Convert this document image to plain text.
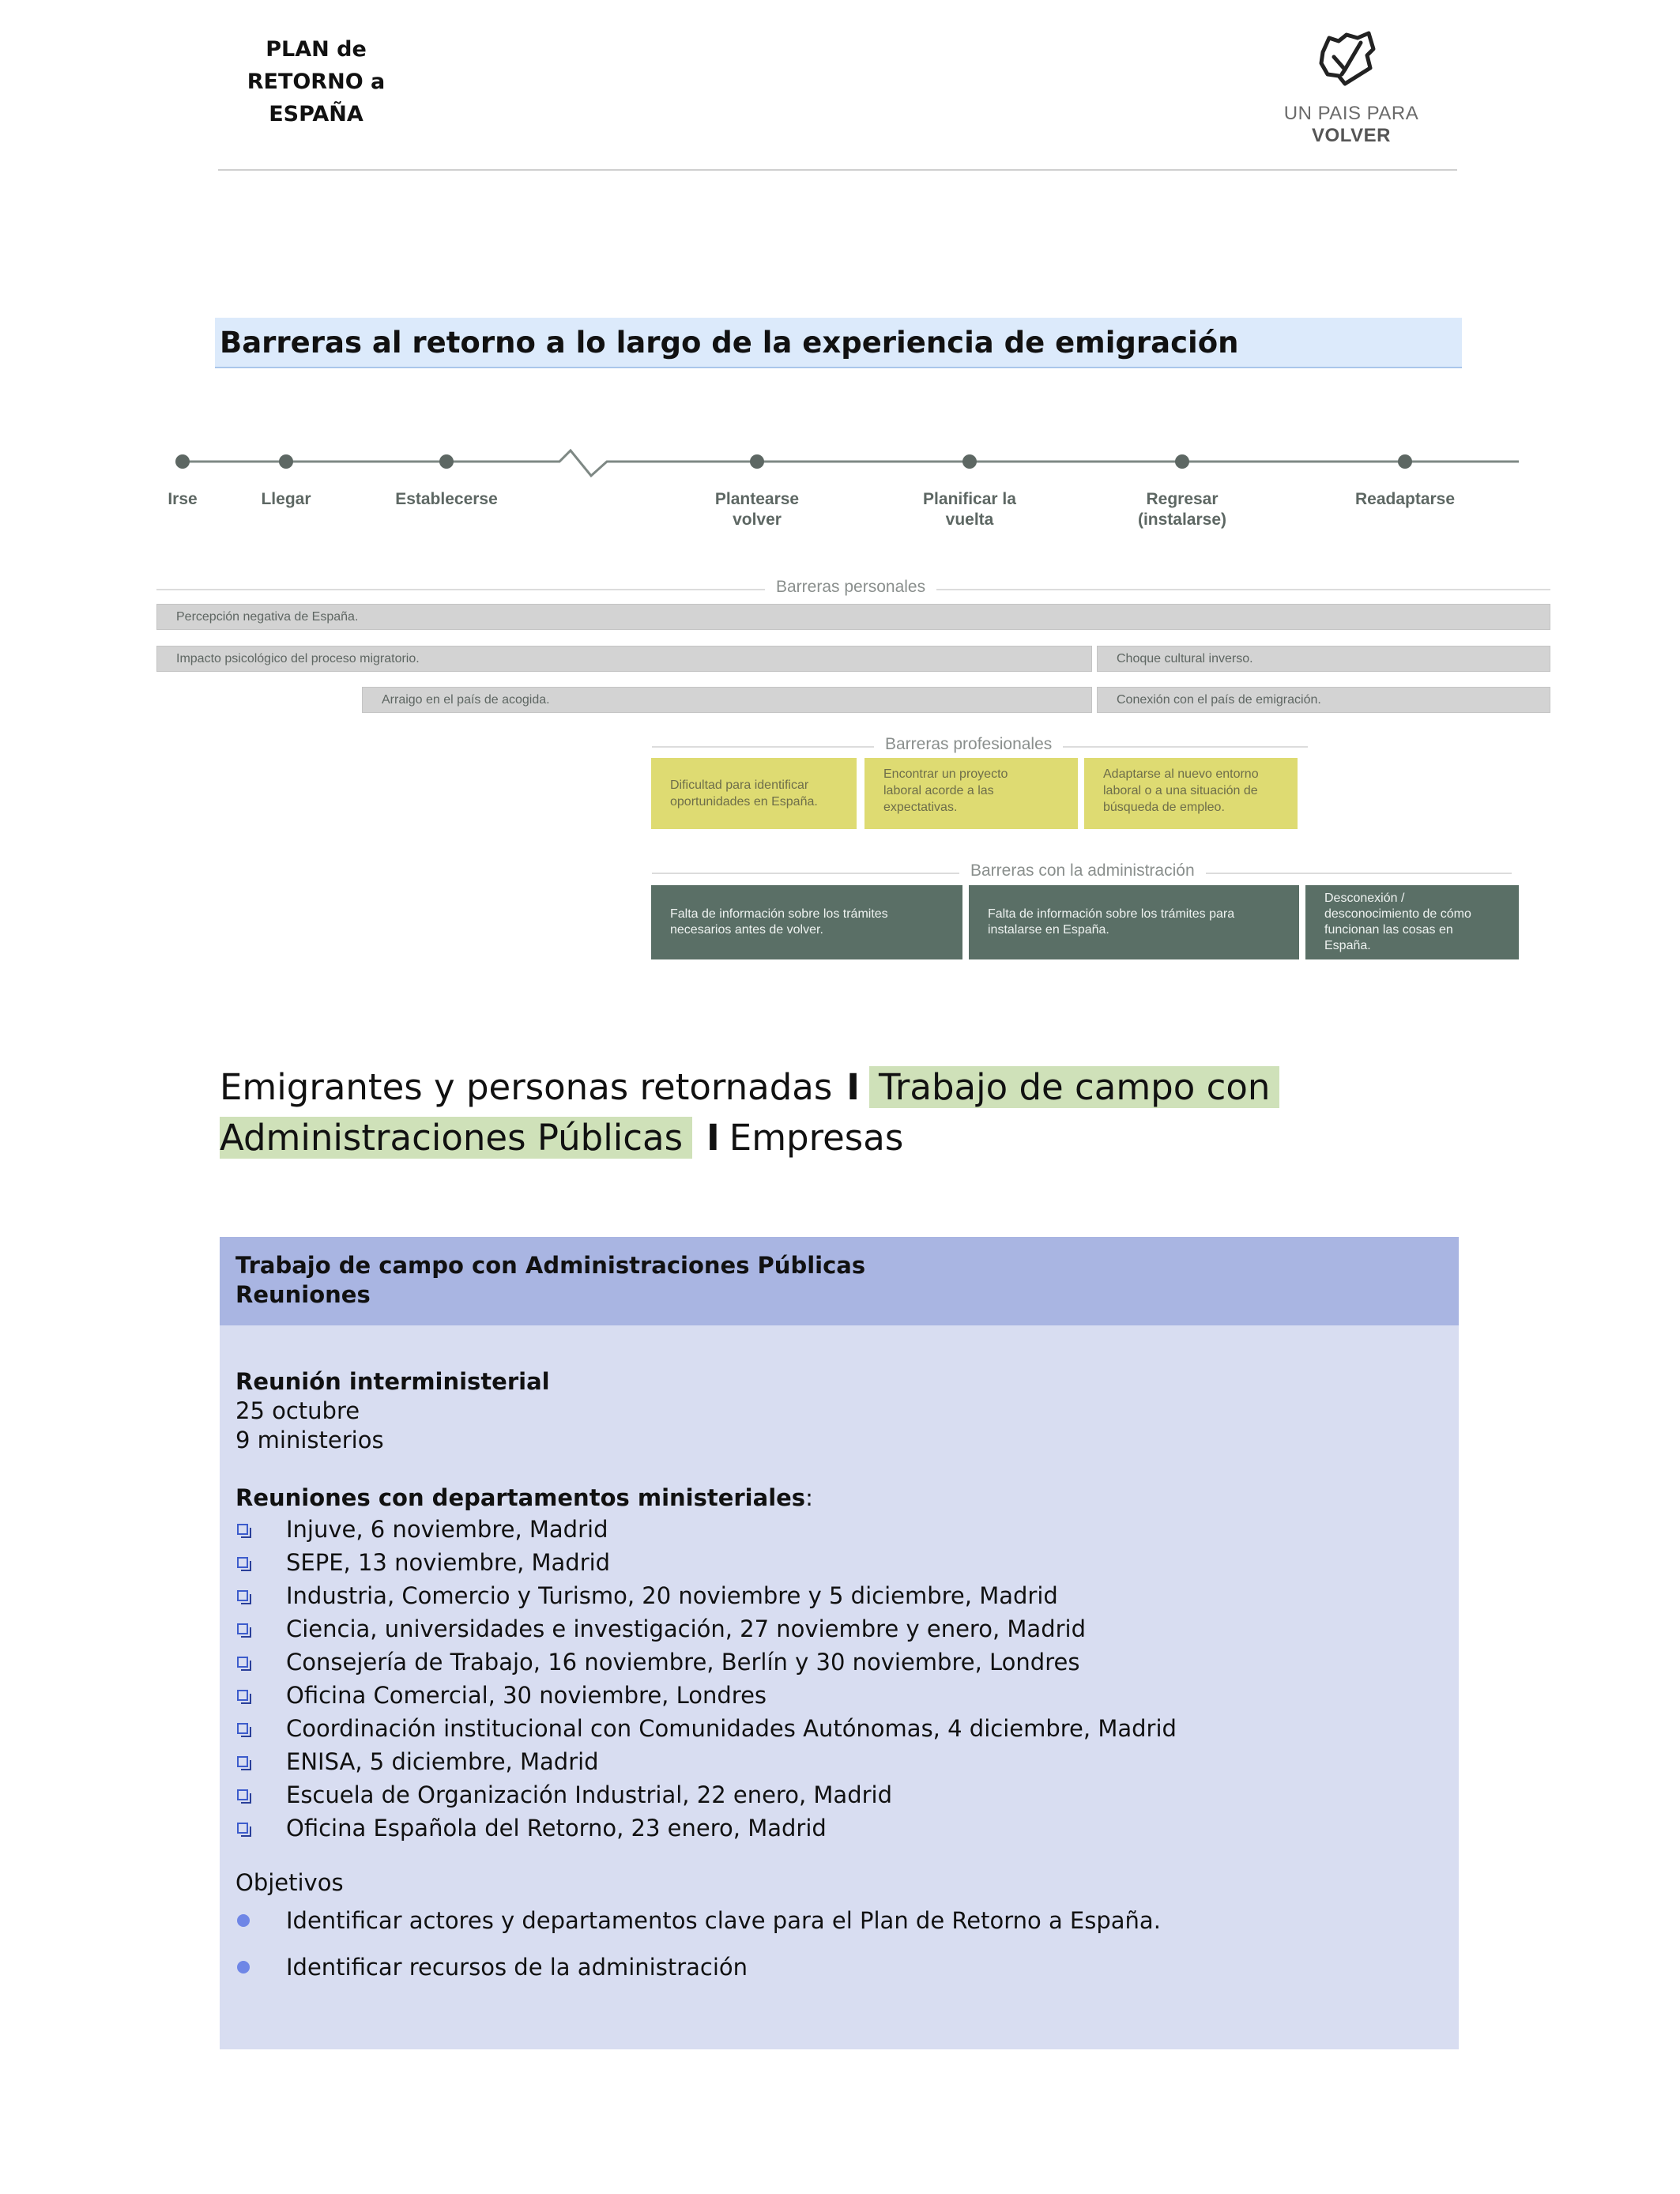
PLAN de
RETORNO a
ESPAÑA	UN PAIS PARA VOLVER
Barreras al retorno a lo largo de la experiencia de emigración
Irse	Llegar	Establecerse	Plantearse
volver
Planificar la
vuelta
Regresar
(instalarse)
Readaptarse
Barreras personales
Percepción negativa de España.
Impacto psicológico del proceso migratorio.	Choque cultural inverso.
Arraigo en el país de acogida.	Conexión con el país de emigración.
Barreras profesionales
Dificultad para identificar
oportunidades en España.
Encontrar un proyecto
laboral acorde a las
expectativas.
Adaptarse al nuevo entorno
laboral o a una situación de
búsqueda de empleo.
Barreras con la administración
Falta de información sobre los trámites
necesarios antes de volver.
Falta de información sobre los trámites para
instalarse en España.
Desconexión /
desconocimiento de cómo
funcionan las cosas en
España.
Emigrantes y personas retornadas I Trabajo de campo con
Administraciones Públicas I Empresas
Trabajo de campo con Administraciones Públicas
Reuniones
Reunión interministerial
25 octubre
9 ministerios
Reuniones con departamentos ministeriales:
Injuve, 6 noviembre, Madrid
SEPE, 13 noviembre, Madrid
Industria, Comercio y Turismo, 20 noviembre y 5 diciembre, Madrid
Ciencia, universidades e investigación, 27 noviembre y enero, Madrid
Consejería de Trabajo, 16 noviembre, Berlín y 30 noviembre, Londres
Oficina Comercial, 30 noviembre, Londres
Coordinación institucional con Comunidades Autónomas, 4 diciembre, Madrid
ENISA, 5 diciembre, Madrid
Escuela de Organización Industrial, 22 enero, Madrid
Oficina Española del Retorno, 23 enero, Madrid
Objetivos
Identificar actores y departamentos clave para el Plan de Retorno a España.
Identificar recursos de la administración
